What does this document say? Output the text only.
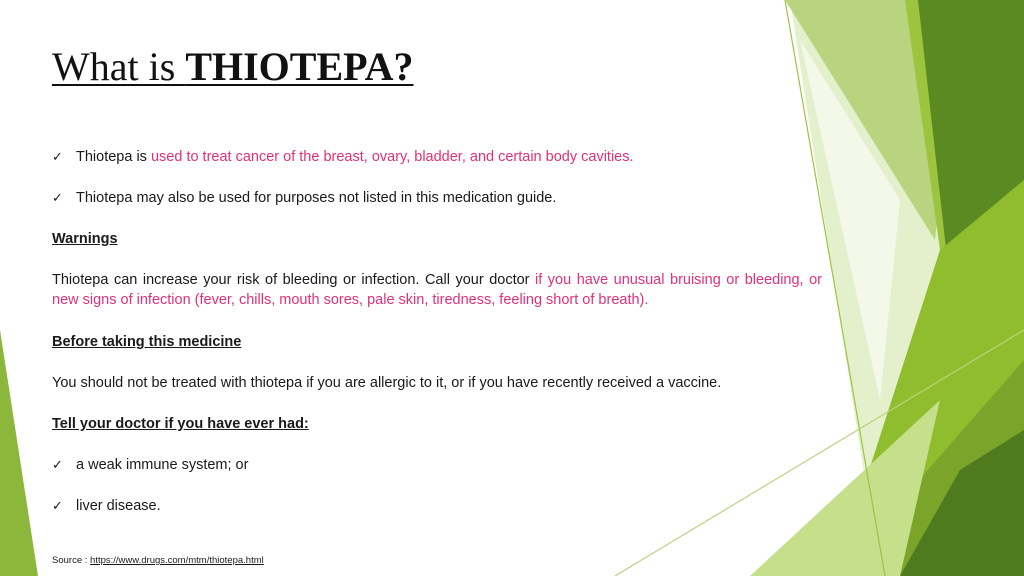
What is THIOTEPA?
✓ Thiotepa is used to treat cancer of the breast, ovary, bladder, and certain body cavities.
✓ Thiotepa may also be used for purposes not listed in this medication guide.
Warnings
Thiotepa can increase your risk of bleeding or infection. Call your doctor if you have unusual bruising or bleeding, or new signs of infection (fever, chills, mouth sores, pale skin, tiredness, feeling short of breath).
Before taking this medicine
You should not be treated with thiotepa if you are allergic to it, or if you have recently received a vaccine.
Tell your doctor if you have ever had:
✓ a weak immune system; or
✓ liver disease.
Source : https://www.drugs.com/mtm/thiotepa.html
